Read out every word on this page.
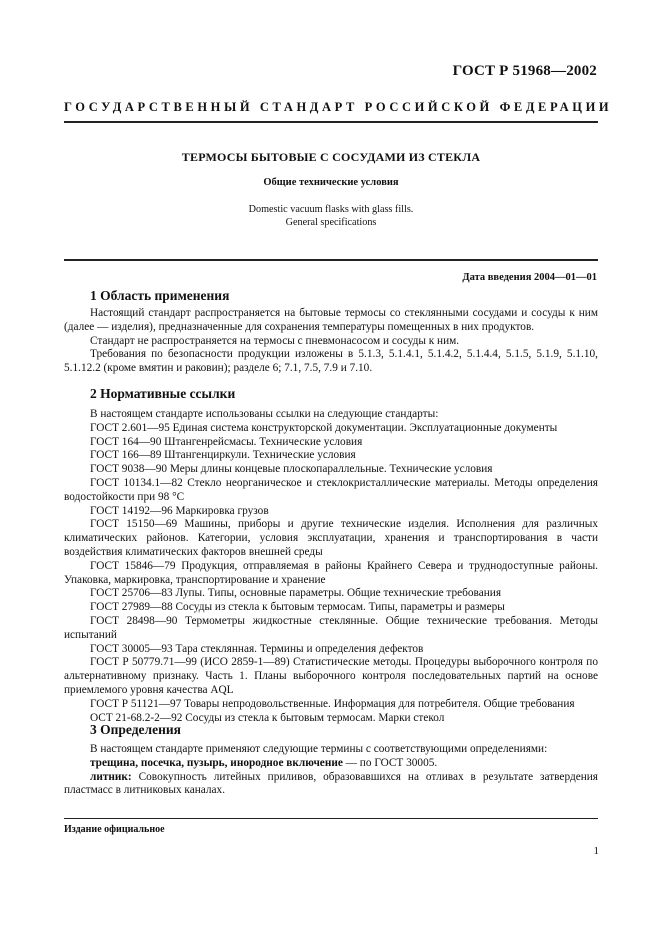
ГОСТ Р 51968—2002
ГОСУДАРСТВЕННЫЙ СТАНДАРТ РОССИЙСКОЙ ФЕДЕРАЦИИ
ТЕРМОСЫ БЫТОВЫЕ С СОСУДАМИ ИЗ СТЕКЛА
Общие технические условия
Domestic vacuum flasks with glass fills.
General specifications
Дата введения 2004—01—01
1 Область применения

Настоящий стандарт распространяется на бытовые термосы со стеклянными сосудами и сосуды к ним (далее — изделия), предназначенные для сохранения температуры помещенных в них продуктов.

Стандарт не распространяется на термосы с пневмонасосом и сосуды к ним.

Требования по безопасности продукции изложены в 5.1.3, 5.1.4.1, 5.1.4.2, 5.1.4.4, 5.1.5, 5.1.9, 5.1.10, 5.1.12.2 (кроме вмятин и раковин); разделе 6; 7.1, 7.5, 7.9 и 7.10.

2 Нормативные ссылки

В настоящем стандарте использованы ссылки на следующие стандарты:

ГОСТ 2.601—95 Единая система конструкторской документации. Эксплуатационные документы

ГОСТ 164—90 Штангенрейсмасы. Технические условия

ГОСТ 166—89 Штангенциркули. Технические условия

ГОСТ 9038—90 Меры длины концевые плоскопараллельные. Технические условия

ГОСТ 10134.1—82 Стекло неорганическое и стеклокристаллические материалы. Методы определения водостойкости при 98 °С

ГОСТ 14192—96 Маркировка грузов

ГОСТ 15150—69 Машины, приборы и другие технические изделия. Исполнения для различных климатических районов. Категории, условия эксплуатации, хранения и транспортирования в части воздействия климатических факторов внешней среды

ГОСТ 15846—79 Продукция, отправляемая в районы Крайнего Севера и труднодоступные районы. Упаковка, маркировка, транспортирование и хранение

ГОСТ 25706—83 Лупы. Типы, основные параметры. Общие технические требования

ГОСТ 27989—88 Сосуды из стекла к бытовым термосам. Типы, параметры и размеры

ГОСТ 28498—90 Термометры жидкостные стеклянные. Общие технические требования. Методы испытаний

ГОСТ 30005—93 Тара стеклянная. Термины и определения дефектов

ГОСТ Р 50779.71—99 (ИСО 2859-1—89) Статистические методы. Процедуры выборочного контроля по альтернативному признаку. Часть 1. Планы выборочного контроля последовательных партий на основе приемлемого уровня качества AQL

ГОСТ Р 51121—97 Товары непродовольственные. Информация для потребителя. Общие требования

ОСТ 21-68.2-2—92 Сосуды из стекла к бытовым термосам. Марки стекол

3 Определения

В настоящем стандарте применяют следующие термины с соответствующими определениями:

трещина, посечка, пузырь, инородное включение — по ГОСТ 30005.

литник: Совокупность литейных приливов, образовавшихся на отливах в результате затвердения пластмасс в литниковых каналах.

Издание официальное
1
